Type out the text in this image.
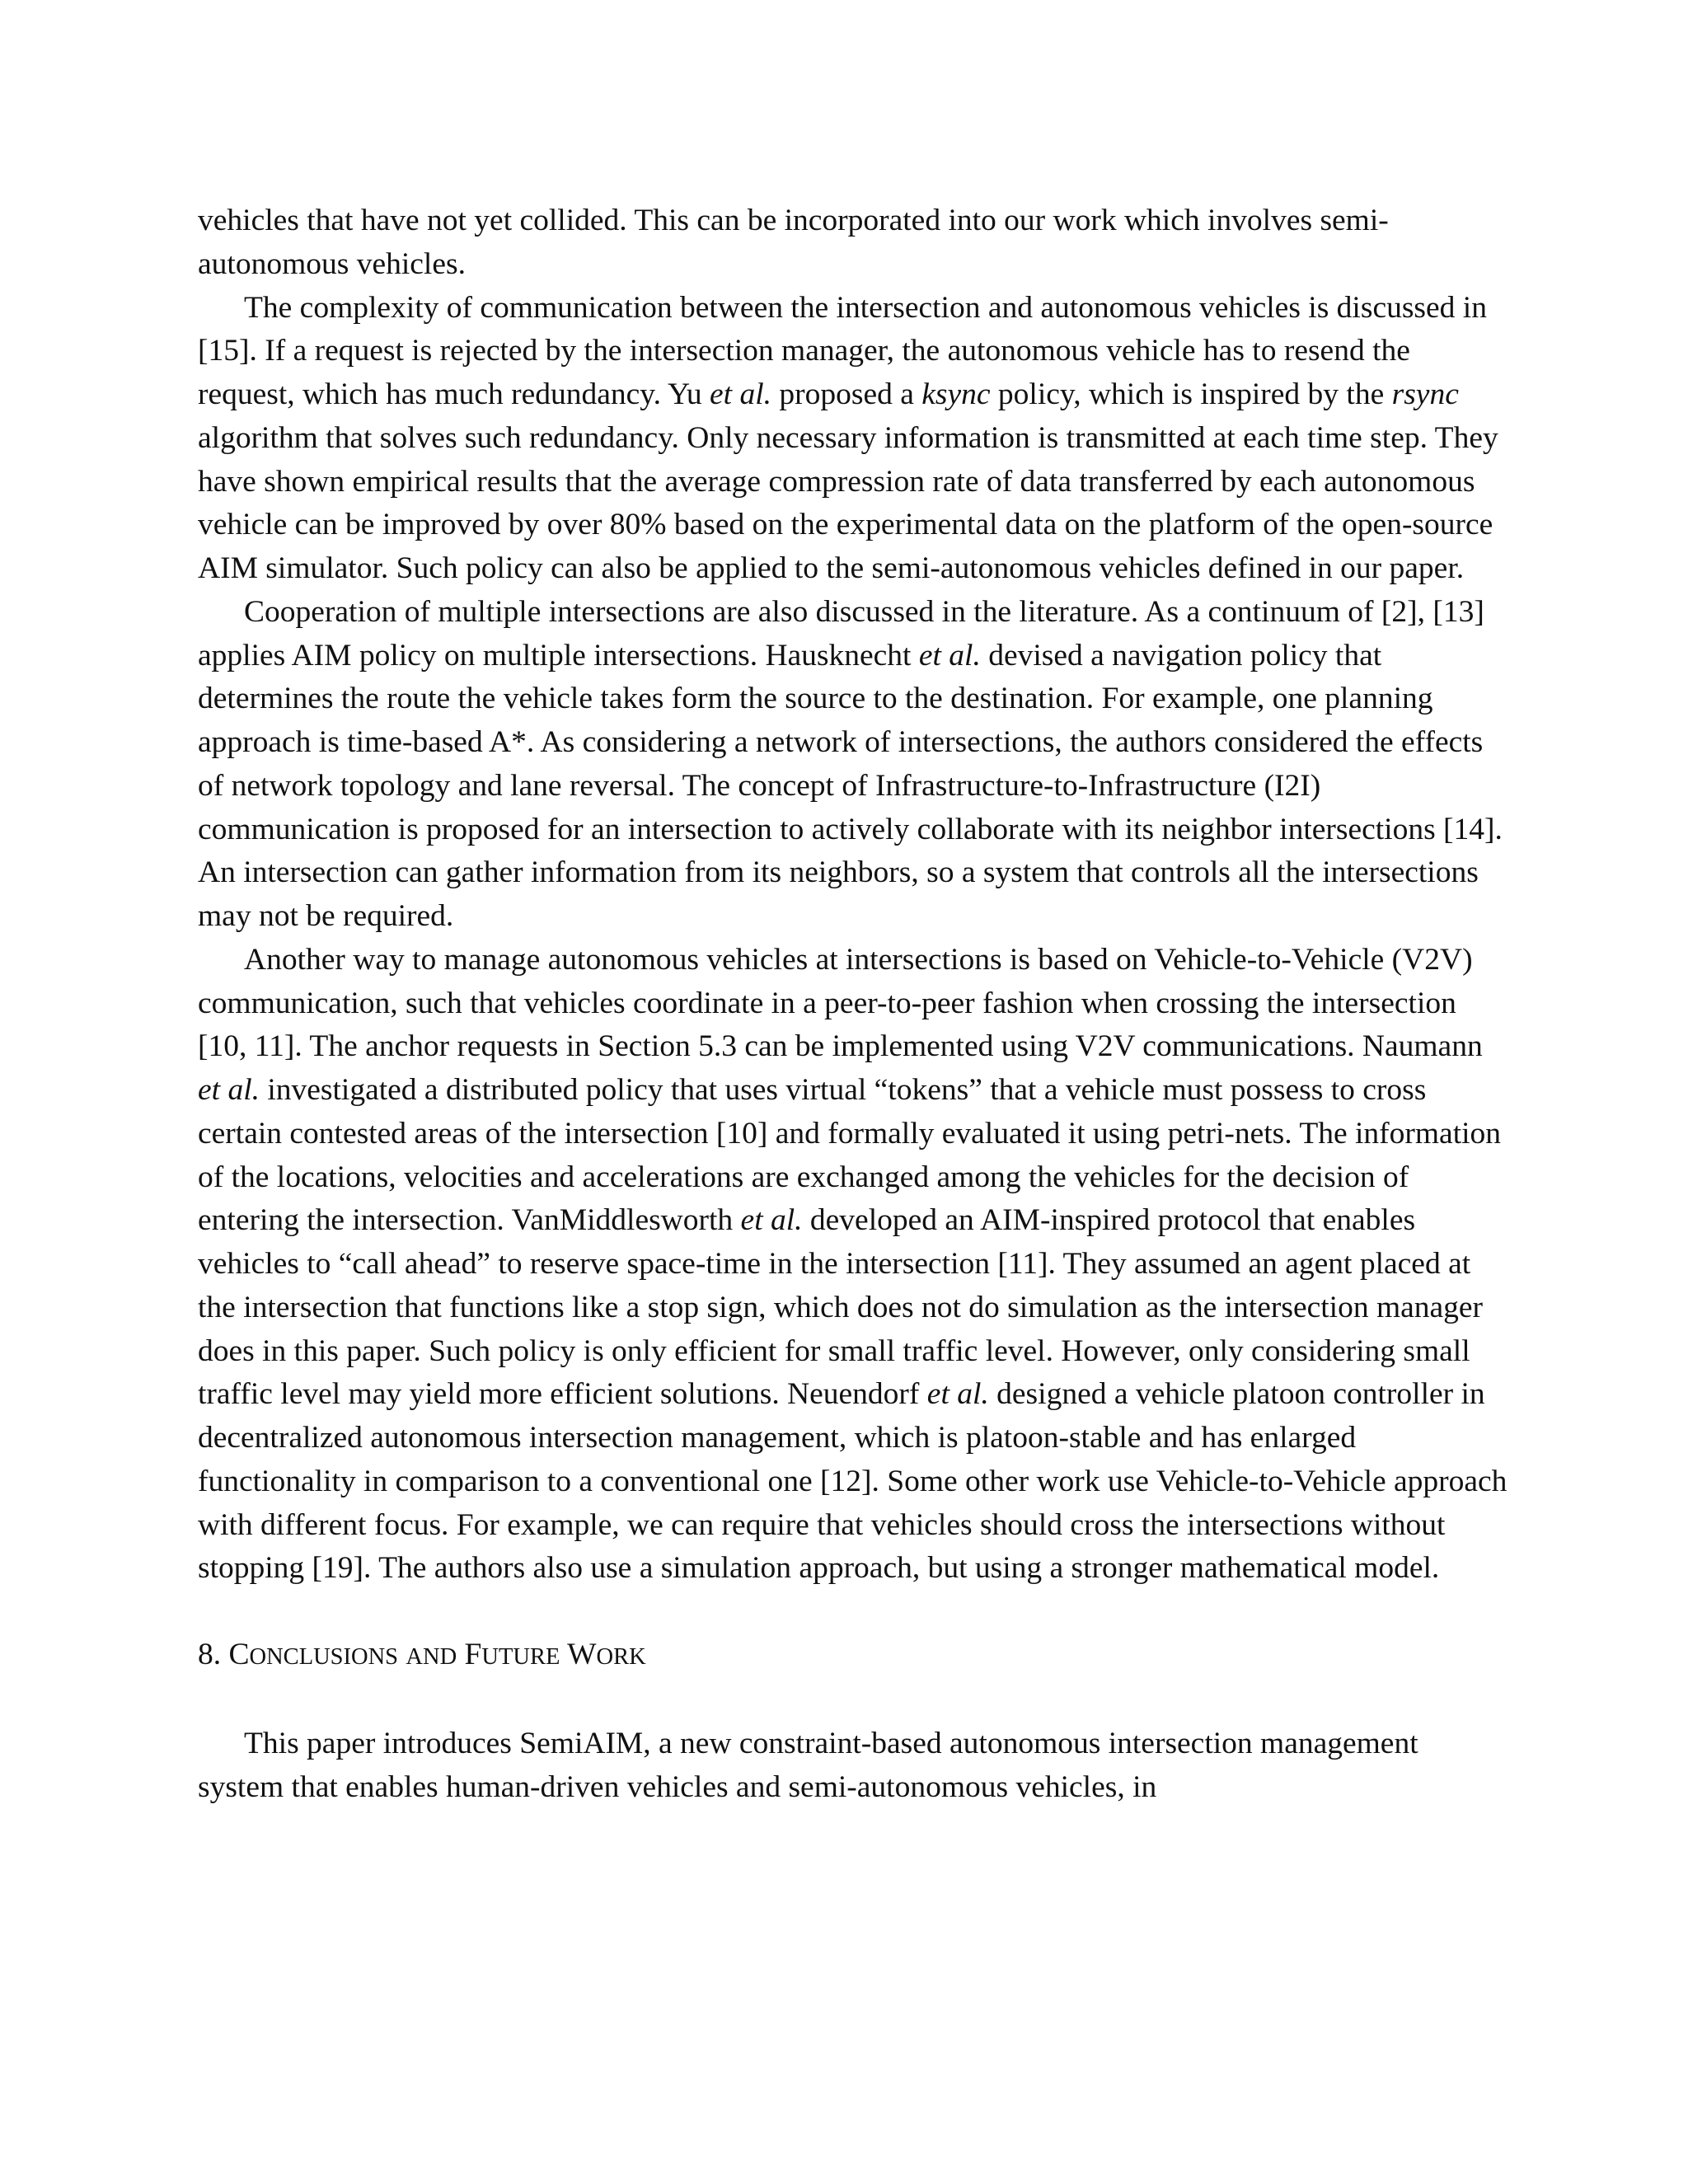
vehicles that have not yet collided. This can be incorporated into our work which involves semi-autonomous vehicles.

The complexity of communication between the intersection and autonomous vehicles is discussed in [15]. If a request is rejected by the intersection manager, the autonomous vehicle has to resend the request, which has much redundancy. Yu et al. proposed a ksync policy, which is inspired by the rsync algorithm that solves such redundancy. Only necessary information is transmitted at each time step. They have shown empirical results that the average compression rate of data transferred by each autonomous vehicle can be improved by over 80% based on the experimental data on the platform of the open-source AIM simulator. Such policy can also be applied to the semi-autonomous vehicles defined in our paper.

Cooperation of multiple intersections are also discussed in the literature. As a continuum of [2], [13] applies AIM policy on multiple intersections. Hausknecht et al. devised a navigation policy that determines the route the vehicle takes form the source to the destination. For example, one planning approach is time-based A*. As considering a network of intersections, the authors considered the effects of network topology and lane reversal. The concept of Infrastructure-to-Infrastructure (I2I) communication is proposed for an intersection to actively collaborate with its neighbor intersections [14]. An intersection can gather information from its neighbors, so a system that controls all the intersections may not be required.

Another way to manage autonomous vehicles at intersections is based on Vehicle-to-Vehicle (V2V) communication, such that vehicles coordinate in a peer-to-peer fashion when crossing the intersection [10, 11]. The anchor requests in Section 5.3 can be implemented using V2V communications. Naumann et al. investigated a distributed policy that uses virtual “tokens” that a vehicle must possess to cross certain contested areas of the intersection [10] and formally evaluated it using petri-nets. The information of the locations, velocities and accelerations are exchanged among the vehicles for the decision of entering the intersection. VanMiddlesworth et al. developed an AIM-inspired protocol that enables vehicles to “call ahead” to reserve space-time in the intersection [11]. They assumed an agent placed at the intersection that functions like a stop sign, which does not do simulation as the intersection manager does in this paper. Such policy is only efficient for small traffic level. However, only considering small traffic level may yield more efficient solutions. Neuendorf et al. designed a vehicle platoon controller in decentralized autonomous intersection management, which is platoon-stable and has enlarged functionality in comparison to a conventional one [12]. Some other work use Vehicle-to-Vehicle approach with different focus. For example, we can require that vehicles should cross the intersections without stopping [19]. The authors also use a simulation approach, but using a stronger mathematical model.

8. CONCLUSIONS AND FUTURE WORK

This paper introduces SemiAIM, a new constraint-based autonomous intersection management system that enables human-driven vehicles and semi-autonomous vehicles, in
